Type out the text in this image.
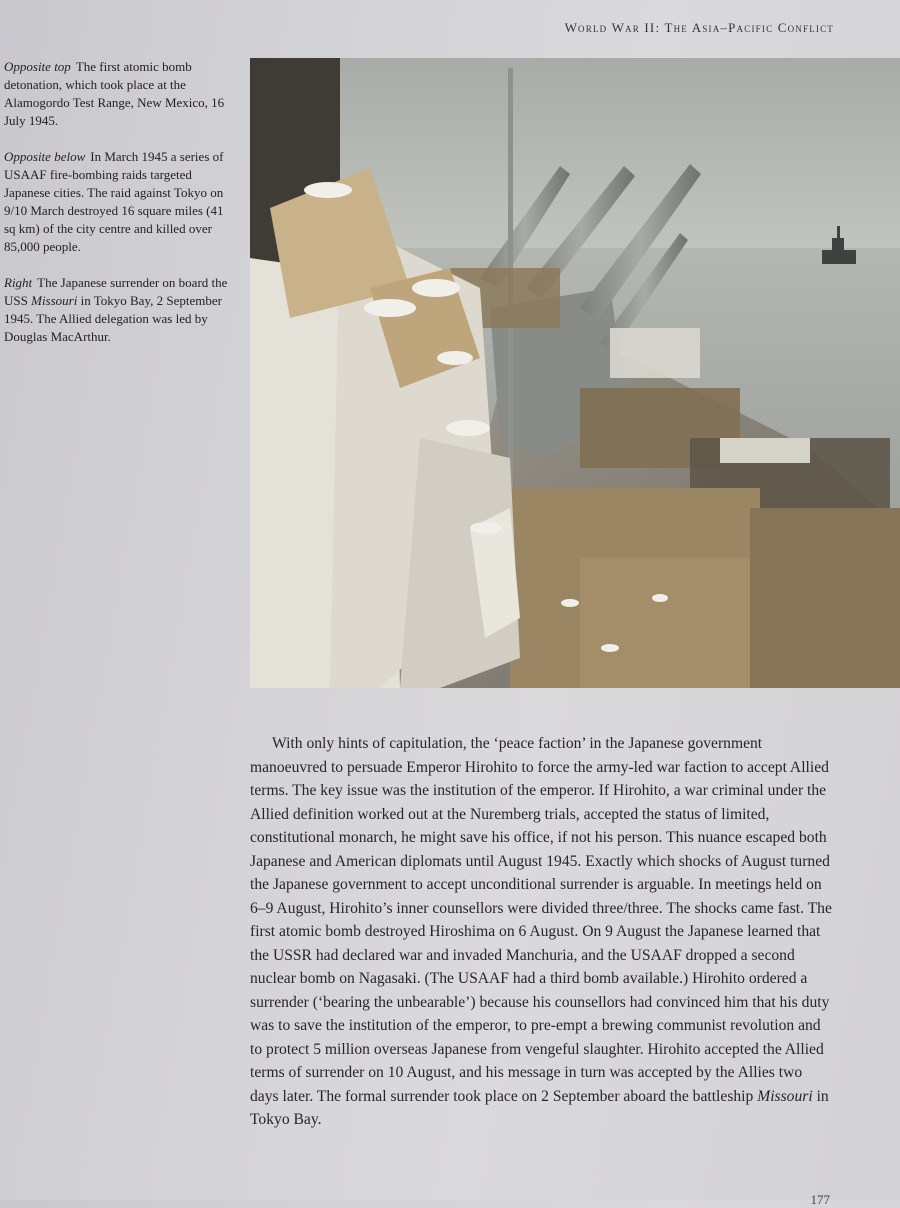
World War II: The Asia–Pacific Conflict

Opposite top The first atomic bomb detonation, which took place at the Alamogordo Test Range, New Mexico, 16 July 1945.

Opposite below In March 1945 a series of USAAF fire-bombing raids targeted Japanese cities. The raid against Tokyo on 9/10 March destroyed 16 square miles (41 sq km) of the city centre and killed over 85,000 people.

Right The Japanese surrender on board the USS Missouri in Tokyo Bay, 2 September 1945. The Allied delegation was led by Douglas MacArthur.

With only hints of capitulation, the ‘peace faction’ in the Japanese government manoeuvred to persuade Emperor Hirohito to force the army-led war faction to accept Allied terms. The key issue was the institution of the emperor. If Hirohito, a war criminal under the Allied definition worked out at the Nuremberg trials, accepted the status of limited, constitutional monarch, he might save his office, if not his person. This nuance escaped both Japanese and American diplomats until August 1945. Exactly which shocks of August turned the Japanese government to accept unconditional surrender is arguable. In meetings held on 6–9 August, Hirohito’s inner counsellors were divided three/three. The shocks came fast. The first atomic bomb destroyed Hiroshima on 6 August. On 9 August the Japanese learned that the USSR had declared war and invaded Manchuria, and the USAAF dropped a second nuclear bomb on Nagasaki. (The USAAF had a third bomb available.) Hirohito ordered a surrender (‘bearing the unbearable’) because his counsellors had convinced him that his duty was to save the institution of the emperor, to pre-empt a brewing communist revolution and to protect 5 million overseas Japanese from vengeful slaughter. Hirohito accepted the Allied terms of surrender on 10 August, and his message in turn was accepted by the Allies two days later. The formal surrender took place on 2 September aboard the battleship Missouri in Tokyo Bay.

177
